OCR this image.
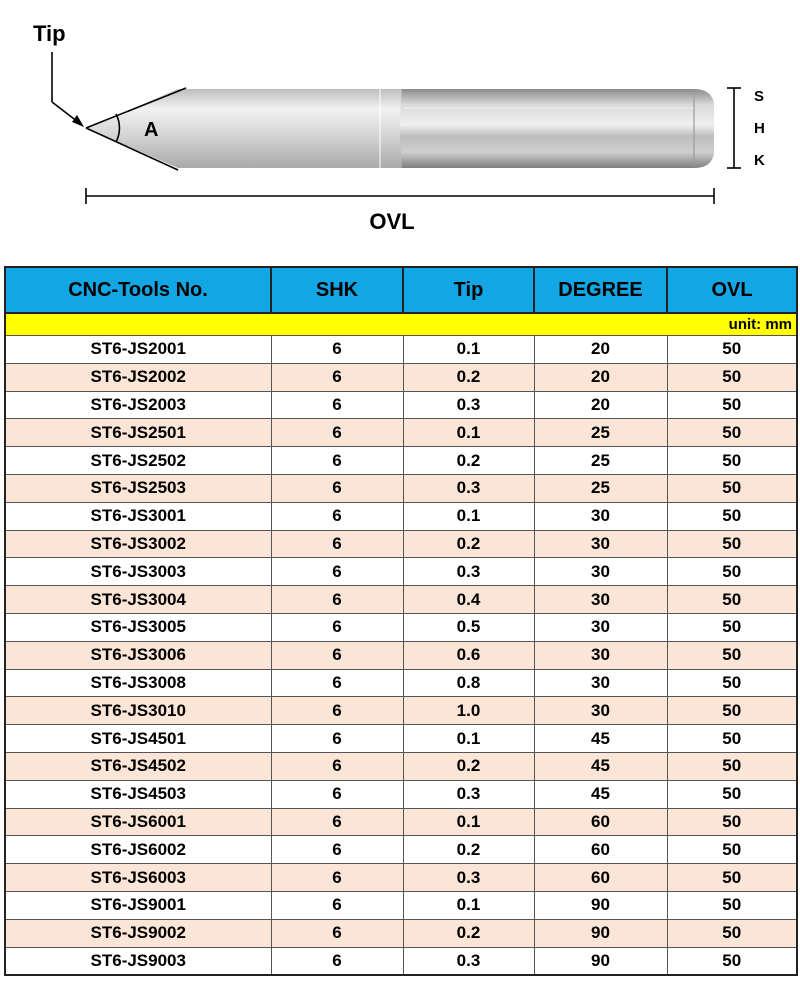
Tip
A
S
H
K
OVL
CNC-Tools No.	SHK	Tip	DEGREE	OVL
unit: mm				
ST6-JS2001	6	0.1	20	50
ST6-JS2002	6	0.2	20	50
ST6-JS2003	6	0.3	20	50
ST6-JS2501	6	0.1	25	50
ST6-JS2502	6	0.2	25	50
ST6-JS2503	6	0.3	25	50
ST6-JS3001	6	0.1	30	50
ST6-JS3002	6	0.2	30	50
ST6-JS3003	6	0.3	30	50
ST6-JS3004	6	0.4	30	50
ST6-JS3005	6	0.5	30	50
ST6-JS3006	6	0.6	30	50
ST6-JS3008	6	0.8	30	50
ST6-JS3010	6	1.0	30	50
ST6-JS4501	6	0.1	45	50
ST6-JS4502	6	0.2	45	50
ST6-JS4503	6	0.3	45	50
ST6-JS6001	6	0.1	60	50
ST6-JS6002	6	0.2	60	50
ST6-JS6003	6	0.3	60	50
ST6-JS9001	6	0.1	90	50
ST6-JS9002	6	0.2	90	50
ST6-JS9003	6	0.3	90	50
